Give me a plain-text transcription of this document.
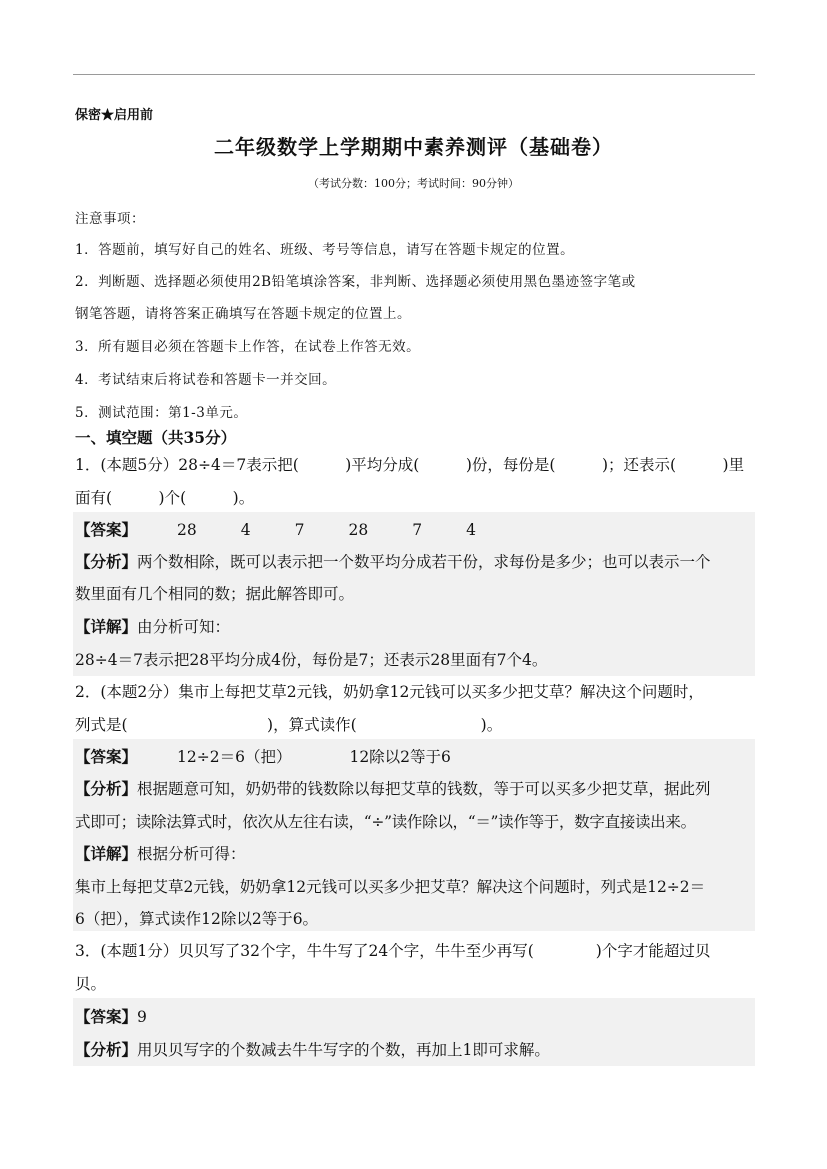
保密★启用前
二年级数学上学期期中素养测评（基础卷）
（考试分数：100分；考试时间：90分钟）
注意事项：
1．答题前，填写好自己的姓名、班级、考号等信息，请写在答题卡规定的位置。
2．判断题、选择题必须使用2B铅笔填涂答案，非判断、选择题必须使用黑色墨迹签字笔或
钢笔答题，请将答案正确填写在答题卡规定的位置上。
3．所有题目必须在答题卡上作答，在试卷上作答无效。
4．考试结束后将试卷和答题卡一并交回。
5．测试范围：第1-3单元。
一、填空题（共35分）
1．(本题5分）28÷4＝7表示把(　　　)平均分成(　　　)份，每份是(　　　)；还表示(　　　)里
面有(　　　)个(　　　)。
【答案】	28	4	7	28	7	4
【分析】两个数相除，既可以表示把一个数平均分成若干份，求每份是多少；也可以表示一个
数里面有几个相同的数；据此解答即可。
【详解】由分析可知：
28÷4＝7表示把28平均分成4份，每份是7；还表示28里面有7个4。
2．(本题2分）集市上每把艾草2元钱，奶奶拿12元钱可以买多少把艾草？解决这个问题时，
列式是(　　　　　　　　　)，算式读作(　　　　　　　　)。
【答案】	12÷2＝6（把）	12除以2等于6
【分析】根据题意可知，奶奶带的钱数除以每把艾草的钱数，等于可以买多少把艾草，据此列
式即可；读除法算式时，依次从左往右读，“÷”读作除以，“＝”读作等于，数字直接读出来。
【详解】根据分析可得：
集市上每把艾草2元钱，奶奶拿12元钱可以买多少把艾草？解决这个问题时，列式是12÷2＝
6（把），算式读作12除以2等于6。
3．(本题1分）贝贝写了32个字，牛牛写了24个字，牛牛至少再写(　　　　)个字才能超过贝
贝。
【答案】9
【分析】用贝贝写字的个数减去牛牛写字的个数，再加上1即可求解。
